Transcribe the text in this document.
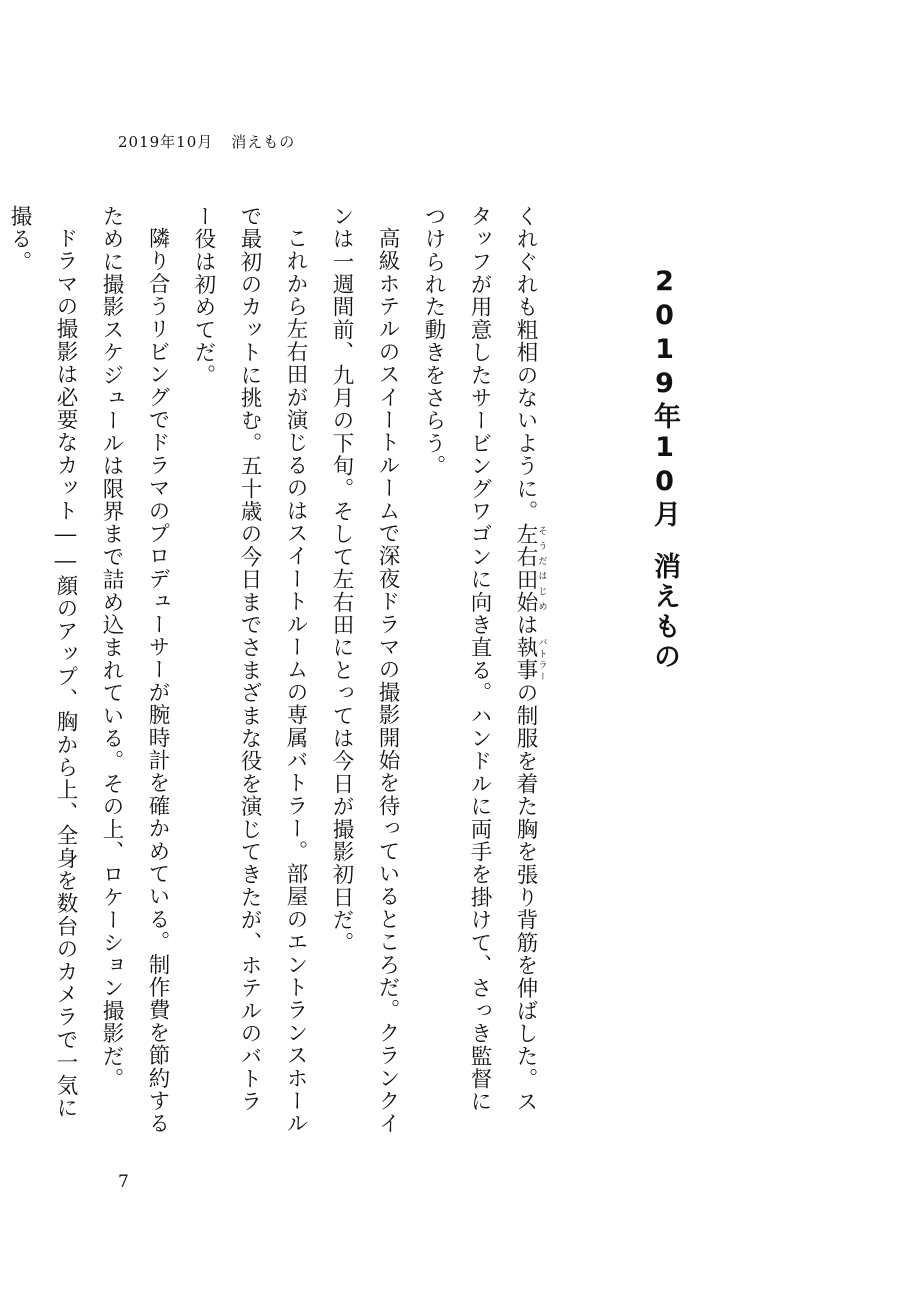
2019年10月 消えもの
2019年10月消えもの

くれぐれも粗相のないように。左右田始そうだはじめは執事バトラーの制服を着た胸を張り背筋を伸ばした。スタッフが用意したサービングワゴンに向き直る。ハンドルに両手を掛けて、さっき監督につけられた動きをさらう。

高級ホテルのスイートルームで深夜ドラマの撮影開始を待っているところだ。クランクインは一週間前、九月の下旬。そして左右田にとっては今日が撮影初日だ。

これから左右田が演じるのはスイートルームの専属バトラー。部屋のエントランスホールで最初のカットに挑む。五十歳の今日までさまざまな役を演じてきたが、ホテルのバトラー役は初めてだ。

隣り合うリビングでドラマのプロデューサーが腕時計を確かめている。制作費を節約するために撮影スケジュールは限界まで詰め込まれている。その上、ロケーション撮影だ。

ドラマの撮影は必要なカット――顔のアップ、胸から上、全身を数台のカメラで一気に撮る。

7
